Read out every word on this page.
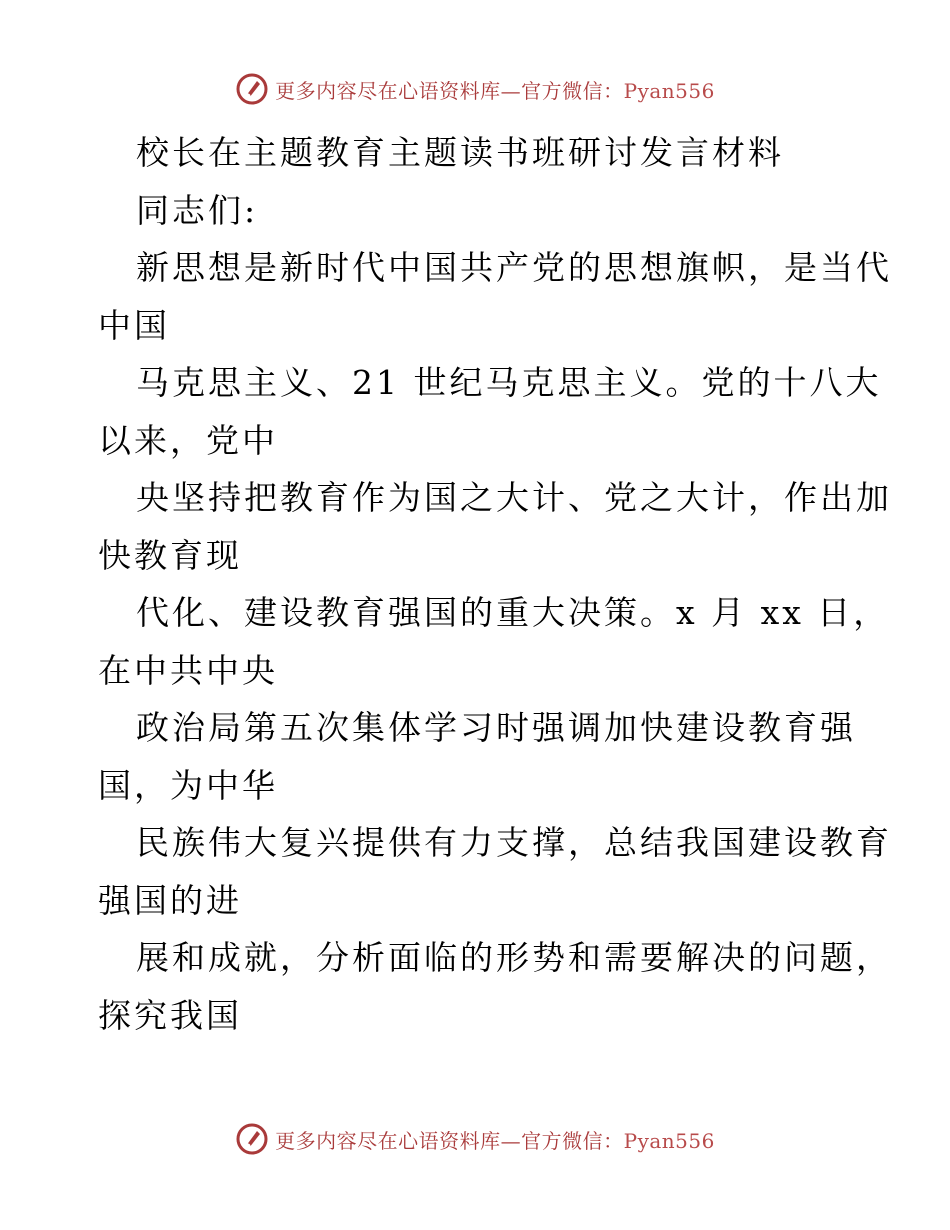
更多内容尽在心语资料库—官方微信：Pyan556
校长在主题教育主题读书班研讨发言材料
同志们:
新思想是新时代中国共产党的思想旗帜，是当代
中国
马克思主义、21 世纪马克思主义。党的十八大
以来，党中
央坚持把教育作为国之大计、党之大计，作出加
快教育现
代化、建设教育强国的重大决策。x 月 xx 日，
在中共中央
政治局第五次集体学习时强调加快建设教育强
国，为中华
民族伟大复兴提供有力支撑，总结我国建设教育
强国的进
展和成就，分析面临的形势和需要解决的问题，
探究我国
更多内容尽在心语资料库—官方微信：Pyan556
